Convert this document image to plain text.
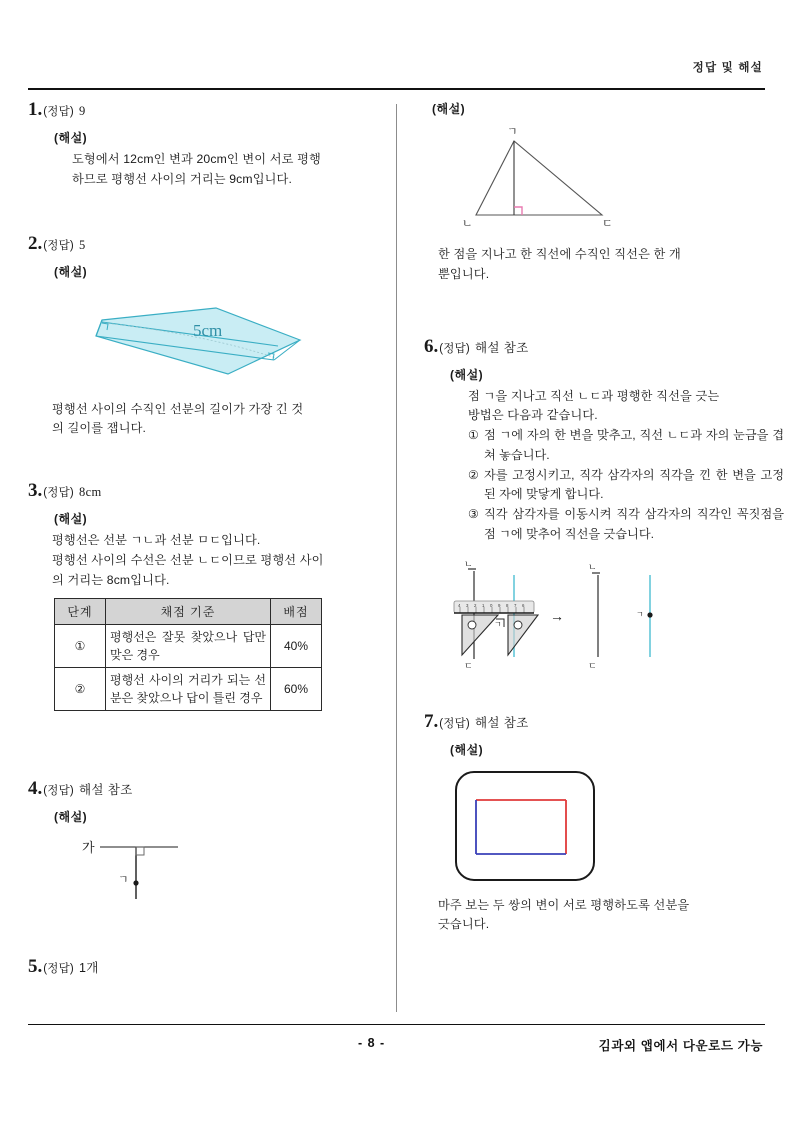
정답 및 해설
1. (정답) 9
(해설)
도형에서 12cm인 변과 20cm인 변이 서로 평행
하므로 평행선 사이의 거리는 9cm입니다.
2. (정답) 5
(해설)
5cm
평행선 사이의 수직인 선분의 길이가 가장 긴 것
의 길이를 잽니다.
3. (정답) 8cm
(해설)
평행선은 선분 ㄱㄴ과 선분 ㅁㄷ입니다.
평행선 사이의 수선은 선분 ㄴㄷ이므로 평행선 사이
의 거리는 8cm입니다.
단계	채점 기준	배점
①	평행선은 잘못 찾았으나 답만 맞은 경우	40%
②	평행선 사이의 거리가 되는 선분은 찾았으나 답이 틀린 경우	60%
4. (정답) 해설 참조
(해설)
가
ㄱ
5. (정답) 1개
(해설)
ㄱ
ㄴ	ㄷ
한 점을 지나고 한 직선에 수직인 직선은 한 개
뿐입니다.
6. (정답) 해설 참조
(해설)
점 ㄱ을 지나고 직선 ㄴㄷ과 평행한 직선을 긋는
방법은 다음과 같습니다.
① 점 ㄱ에 자의 한 변을 맞추고, 직선 ㄴㄷ과 자의 눈금을 겹쳐 놓습니다.
② 자를 고정시키고, 직각 삼각자의 직각을 낀 한 변을 고정된 자에 맞닿게 합니다.
③ 직각 삼각자를 이동시켜 직각 삼각자의 직각인 꼭짓점을 점 ㄱ에 맞추어 직선을 긋습니다.
ㄴ
ㄷ
4 3 2 1 0 9 8 7 6
ㄱ
→
ㄴ
ㄷ
ㄱ
7. (정답) 해설 참조
(해설)
마주 보는 두 쌍의 변이 서로 평행하도록 선분을
긋습니다.
- 8 -	김과외 앱에서 다운로드 가능
